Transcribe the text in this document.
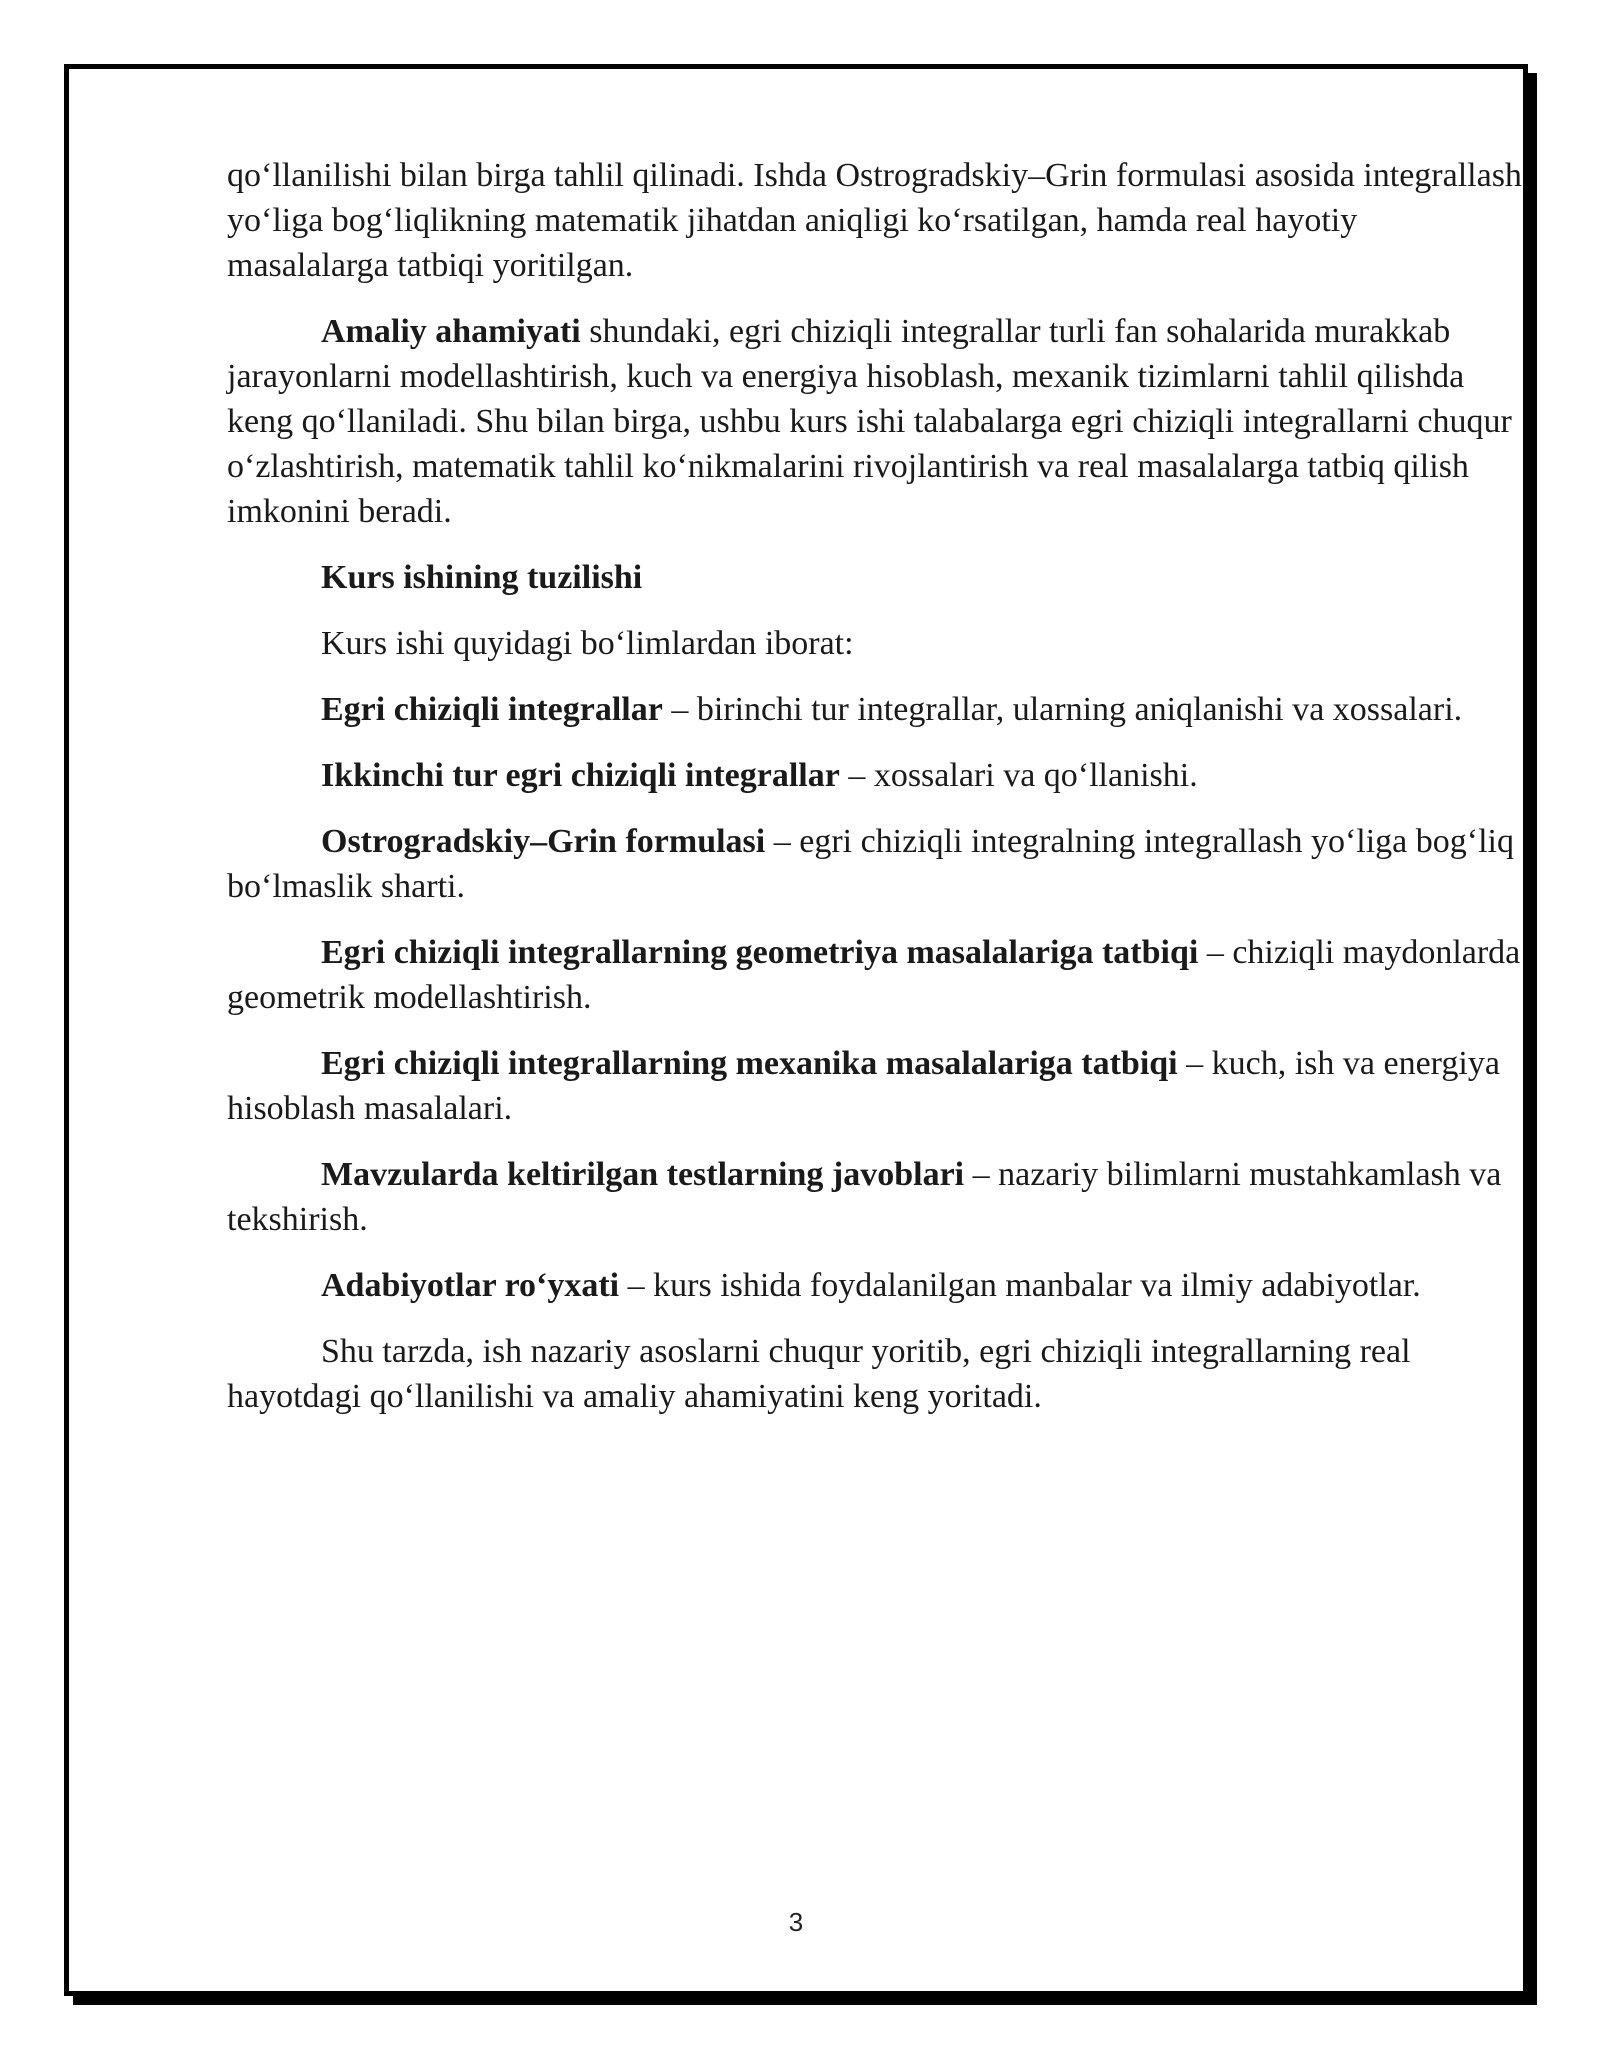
qo‘llanilishi bilan birga tahlil qilinadi. Ishda Ostrogradskiy–Grin formulasi asosida integrallash yo‘liga bog‘liqlikning matematik jihatdan aniqligi ko‘rsatilgan, hamda real hayotiy masalalarga tatbiqi yoritilgan.

Amaliy ahamiyati shundaki, egri chiziqli integrallar turli fan sohalarida murakkab jarayonlarni modellashtirish, kuch va energiya hisoblash, mexanik tizimlarni tahlil qilishda keng qo‘llaniladi. Shu bilan birga, ushbu kurs ishi talabalarga egri chiziqli integrallarni chuqur o‘zlashtirish, matematik tahlil ko‘nikmalarini rivojlantirish va real masalalarga tatbiq qilish imkonini beradi.

Kurs ishining tuzilishi

Kurs ishi quyidagi bo‘limlardan iborat:

Egri chiziqli integrallar – birinchi tur integrallar, ularning aniqlanishi va xossalari.

Ikkinchi tur egri chiziqli integrallar – xossalari va qo‘llanishi.

Ostrogradskiy–Grin formulasi – egri chiziqli integralning integrallash yo‘liga bog‘liq bo‘lmaslik sharti.

Egri chiziqli integrallarning geometriya masalalariga tatbiqi – chiziqli maydonlarda geometrik modellashtirish.

Egri chiziqli integrallarning mexanika masalalariga tatbiqi – kuch, ish va energiya hisoblash masalalari.

Mavzularda keltirilgan testlarning javoblari – nazariy bilimlarni mustahkamlash va tekshirish.

Adabiyotlar ro‘yxati – kurs ishida foydalanilgan manbalar va ilmiy adabiyotlar.

Shu tarzda, ish nazariy asoslarni chuqur yoritib, egri chiziqli integrallarning real hayotdagi qo‘llanilishi va amaliy ahamiyatini keng yoritadi.

3
